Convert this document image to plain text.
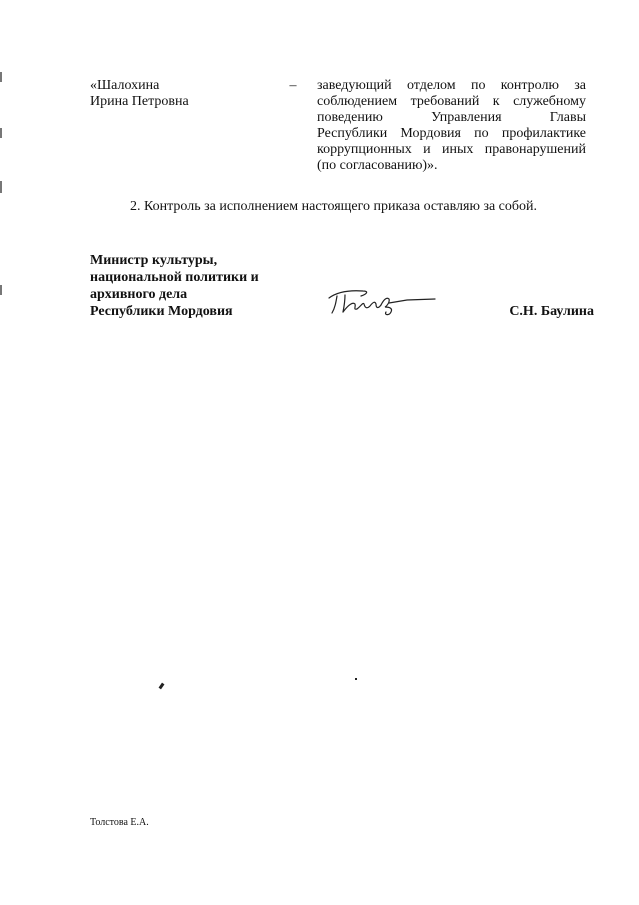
«Шалохина
Ирина Петровна
– заведующий отделом по контролю за
соблюдением требований к служебному
поведению Управления Главы
Республики Мордовия по профилактике
коррупционных и иных правонарушений
(по согласованию)».
2. Контроль за исполнением настоящего приказа оставляю за собой.
Министр культуры,
национальной политики и
архивного дела
Республики Мордовия	С.Н. Баулина
Толстова Е.А.
